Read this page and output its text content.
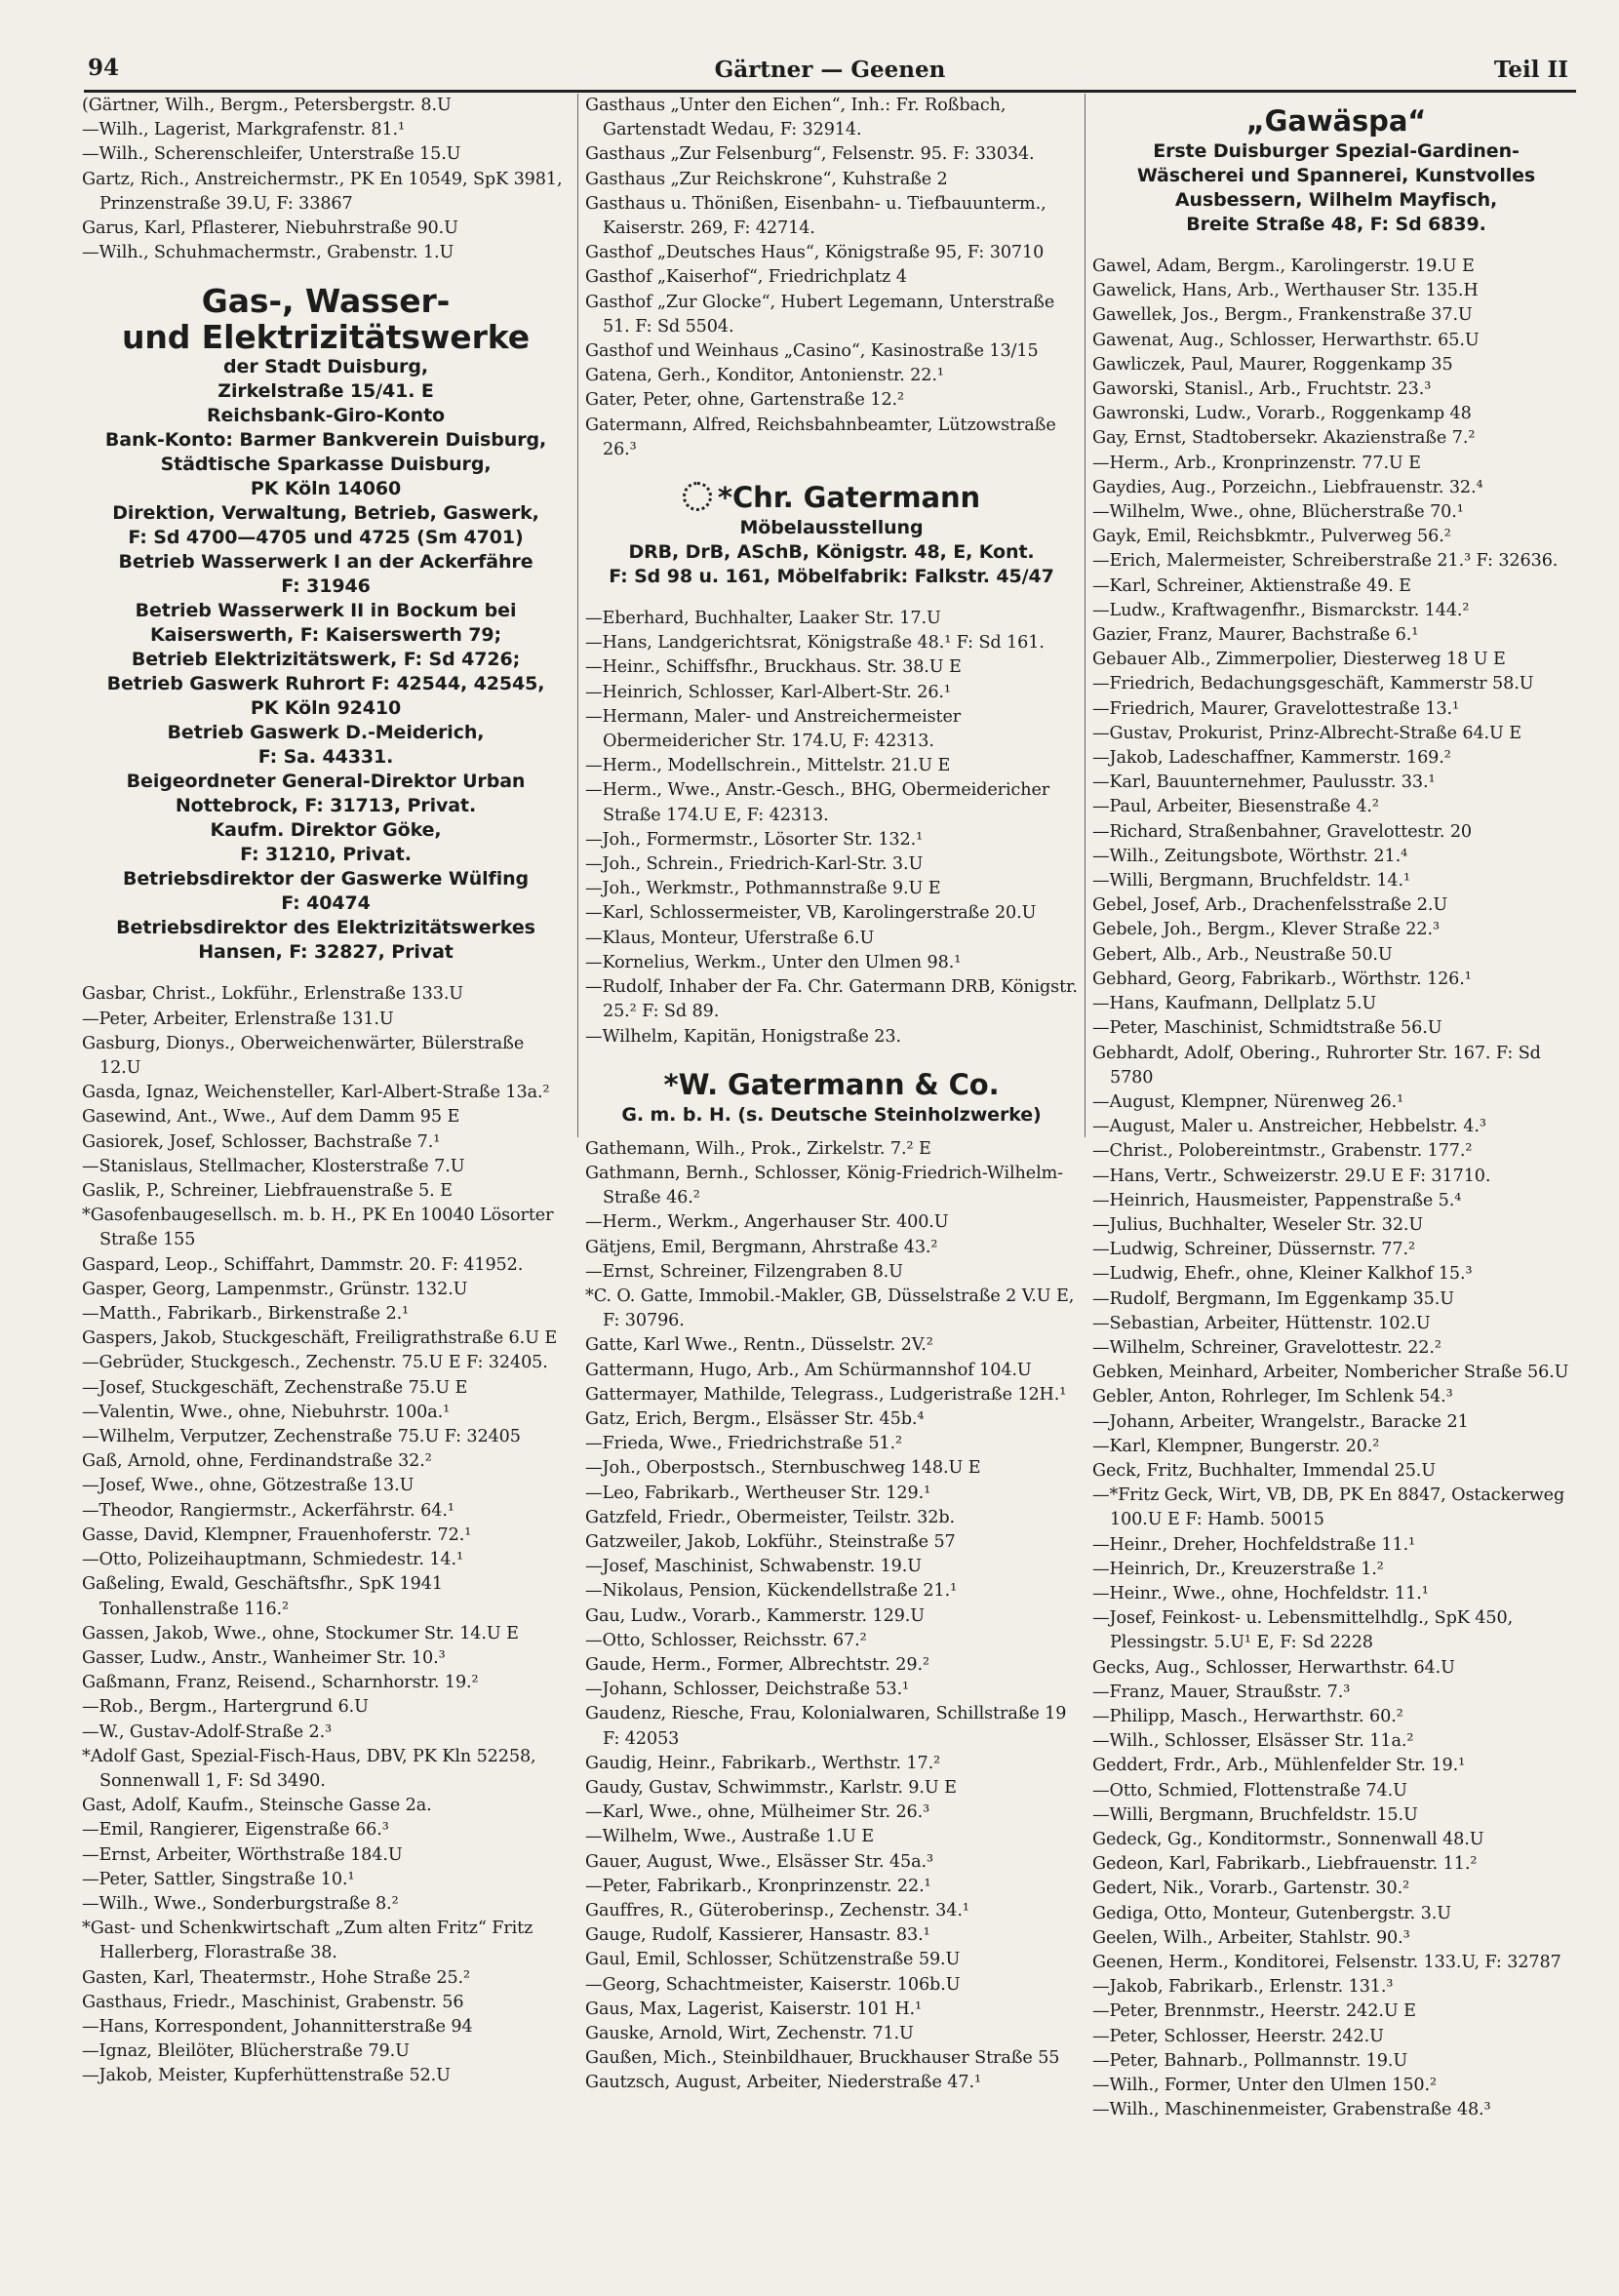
94	Gärtner — Geenen	Teil II

(Gärtner, Wilh., Bergm., Petersbergstr. 8.U

—Wilh., Lagerist, Markgrafenstr. 81.¹

—Wilh., Scherenschleifer, Unterstraße 15.U

Gartz, Rich., Anstreichermstr., PK En 10549, SpK 3981, Prinzenstraße 39.U, F: 33867

Garus, Karl, Pflasterer, Niebuhrstraße 90.U

—Wilh., Schuhmachermstr., Grabenstr. 1.U

Gas-, Wasser-

und Elektrizitätswerke

der Stadt Duisburg,

Zirkelstraße 15/41. E

Reichsbank-Giro-Konto

Bank-Konto: Barmer Bankverein Duisburg,

Städtische Sparkasse Duisburg,

PK Köln 14060

Direktion, Verwaltung, Betrieb, Gaswerk,

F: Sd 4700—4705 und 4725 (Sm 4701)

Betrieb Wasserwerk I an der Ackerfähre

F: 31946

Betrieb Wasserwerk II in Bockum bei

Kaiserswerth, F: Kaiserswerth 79;

Betrieb Elektrizitätswerk, F: Sd 4726;

Betrieb Gaswerk Ruhrort F: 42544, 42545,

PK Köln 92410

Betrieb Gaswerk D.-Meiderich,

F: Sa. 44331.

Beigeordneter General-Direktor Urban

Nottebrock, F: 31713, Privat.

Kaufm. Direktor Göke,

F: 31210, Privat.

Betriebsdirektor der Gaswerke Wülfing

F: 40474

Betriebsdirektor des Elektrizitätswerkes

Hansen, F: 32827, Privat

Gasbar, Christ., Lokführ., Erlenstraße 133.U

—Peter, Arbeiter, Erlenstraße 131.U

Gasburg, Dionys., Oberweichenwärter, Bülerstraße 12.U

Gasda, Ignaz, Weichensteller, Karl-Albert-Straße 13a.²

Gasewind, Ant., Wwe., Auf dem Damm 95 E

Gasiorek, Josef, Schlosser, Bachstraße 7.¹

—Stanislaus, Stellmacher, Klosterstraße 7.U

Gaslik, P., Schreiner, Liebfrauenstraße 5. E

*Gasofenbaugesellsch. m. b. H., PK En 10040 Lösorter Straße 155

Gaspard, Leop., Schiffahrt, Dammstr. 20. F: 41952.

Gasper, Georg, Lampenmstr., Grünstr. 132.U

—Matth., Fabrikarb., Birkenstraße 2.¹

Gaspers, Jakob, Stuckgeschäft, Freiligrathstraße 6.U E

—Gebrüder, Stuckgesch., Zechenstr. 75.U E F: 32405.

—Josef, Stuckgeschäft, Zechenstraße 75.U E

—Valentin, Wwe., ohne, Niebuhrstr. 100a.¹

—Wilhelm, Verputzer, Zechenstraße 75.U F: 32405

Gaß, Arnold, ohne, Ferdinandstraße 32.²

—Josef, Wwe., ohne, Götzestraße 13.U

—Theodor, Rangiermstr., Ackerfährstr. 64.¹

Gasse, David, Klempner, Frauenhoferstr. 72.¹

—Otto, Polizeihauptmann, Schmiedestr. 14.¹

Gaßeling, Ewald, Geschäftsfhr., SpK 1941 Tonhallenstraße 116.²

Gassen, Jakob, Wwe., ohne, Stockumer Str. 14.U E

Gasser, Ludw., Anstr., Wanheimer Str. 10.³

Gaßmann, Franz, Reisend., Scharnhorstr. 19.²

—Rob., Bergm., Hartergrund 6.U

—W., Gustav-Adolf-Straße 2.³

*Adolf Gast, Spezial-Fisch-Haus, DBV, PK Kln 52258, Sonnenwall 1, F: Sd 3490.

Gast, Adolf, Kaufm., Steinsche Gasse 2a.

—Emil, Rangierer, Eigenstraße 66.³

—Ernst, Arbeiter, Wörthstraße 184.U

—Peter, Sattler, Singstraße 10.¹

—Wilh., Wwe., Sonderburgstraße 8.²

*Gast- und Schenkwirtschaft „Zum alten Fritz“ Fritz Hallerberg, Florastraße 38.

Gasten, Karl, Theatermstr., Hohe Straße 25.²

Gasthaus, Friedr., Maschinist, Grabenstr. 56

—Hans, Korrespondent, Johannitterstraße 94

—Ignaz, Bleilöter, Blücherstraße 79.U

—Jakob, Meister, Kupferhüttenstraße 52.U

Gasthaus „Unter den Eichen“, Inh.: Fr. Roßbach, Gartenstadt Wedau, F: 32914.

Gasthaus „Zur Felsenburg“, Felsenstr. 95. F: 33034.

Gasthaus „Zur Reichskrone“, Kuhstraße 2

Gasthaus u. Thönißen, Eisenbahn- u. Tiefbauunterm., Kaiserstr. 269, F: 42714.

Gasthof „Deutsches Haus“, Königstraße 95, F: 30710

Gasthof „Kaiserhof“, Friedrichplatz 4

Gasthof „Zur Glocke“, Hubert Legemann, Unterstraße 51. F: Sd 5504.

Gasthof und Weinhaus „Casino“, Kasinostraße 13/15

Gatena, Gerh., Konditor, Antonienstr. 22.¹

Gater, Peter, ohne, Gartenstraße 12.²

Gatermann, Alfred, Reichsbahnbeamter, Lützowstraße 26.³

*Chr. Gatermann

Möbelausstellung

DRB, DrB, ASchB, Königstr. 48, E, Kont.

F: Sd 98 u. 161, Möbelfabrik: Falkstr. 45/47

—Eberhard, Buchhalter, Laaker Str. 17.U

—Hans, Landgerichtsrat, Königstraße 48.¹ F: Sd 161.

—Heinr., Schiffsfhr., Bruckhaus. Str. 38.U E

—Heinrich, Schlosser, Karl-Albert-Str. 26.¹

—Hermann, Maler- und Anstreichermeister Obermeidericher Str. 174.U, F: 42313.

—Herm., Modellschrein., Mittelstr. 21.U E

—Herm., Wwe., Anstr.-Gesch., BHG, Obermeidericher Straße 174.U E, F: 42313.

—Joh., Formermstr., Lösorter Str. 132.¹

—Joh., Schrein., Friedrich-Karl-Str. 3.U

—Joh., Werkmstr., Pothmannstraße 9.U E

—Karl, Schlossermeister, VB, Karolingerstraße 20.U

—Klaus, Monteur, Uferstraße 6.U

—Kornelius, Werkm., Unter den Ulmen 98.¹

—Rudolf, Inhaber der Fa. Chr. Gatermann DRB, Königstr. 25.² F: Sd 89.

—Wilhelm, Kapitän, Honigstraße 23.

*W. Gatermann & Co.

G. m. b. H. (s. Deutsche Steinholzwerke)

Gathemann, Wilh., Prok., Zirkelstr. 7.² E

Gathmann, Bernh., Schlosser, König-Friedrich-Wilhelm-Straße 46.²

—Herm., Werkm., Angerhauser Str. 400.U

Gätjens, Emil, Bergmann, Ahrstraße 43.²

—Ernst, Schreiner, Filzengraben 8.U

*C. O. Gatte, Immobil.-Makler, GB, Düsselstraße 2 V.U E, F: 30796.

Gatte, Karl Wwe., Rentn., Düsselstr. 2V.²

Gattermann, Hugo, Arb., Am Schürmannshof 104.U

Gattermayer, Mathilde, Telegrass., Ludgeristraße 12H.¹

Gatz, Erich, Bergm., Elsässer Str. 45b.⁴

—Frieda, Wwe., Friedrichstraße 51.²

—Joh., Oberpostsch., Sternbuschweg 148.U E

—Leo, Fabrikarb., Wertheuser Str. 129.¹

Gatzfeld, Friedr., Obermeister, Teilstr. 32b.

Gatzweiler, Jakob, Lokführ., Steinstraße 57

—Josef, Maschinist, Schwabenstr. 19.U

—Nikolaus, Pension, Kückendellstraße 21.¹

Gau, Ludw., Vorarb., Kammerstr. 129.U

—Otto, Schlosser, Reichsstr. 67.²

Gaude, Herm., Former, Albrechtstr. 29.²

—Johann, Schlosser, Deichstraße 53.¹

Gaudenz, Riesche, Frau, Kolonialwaren, Schillstraße 19 F: 42053

Gaudig, Heinr., Fabrikarb., Werthstr. 17.²

Gaudy, Gustav, Schwimmstr., Karlstr. 9.U E

—Karl, Wwe., ohne, Mülheimer Str. 26.³

—Wilhelm, Wwe., Austraße 1.U E

Gauer, August, Wwe., Elsässer Str. 45a.³

—Peter, Fabrikarb., Kronprinzenstr. 22.¹

Gauffres, R., Güteroberinsp., Zechenstr. 34.¹

Gauge, Rudolf, Kassierer, Hansastr. 83.¹

Gaul, Emil, Schlosser, Schützenstraße 59.U

—Georg, Schachtmeister, Kaiserstr. 106b.U

Gaus, Max, Lagerist, Kaiserstr. 101 H.¹

Gauske, Arnold, Wirt, Zechenstr. 71.U

Gaußen, Mich., Steinbildhauer, Bruckhauser Straße 55

Gautzsch, August, Arbeiter, Niederstraße 47.¹

„Gawäspa“

Erste Duisburger Spezial-Gardinen-

Wäscherei und Spannerei, Kunstvolles

Ausbessern, Wilhelm Mayfisch,

Breite Straße 48, F: Sd 6839.

Gawel, Adam, Bergm., Karolingerstr. 19.U E

Gawelick, Hans, Arb., Werthauser Str. 135.H

Gawellek, Jos., Bergm., Frankenstraße 37.U

Gawenat, Aug., Schlosser, Herwarthstr. 65.U

Gawliczek, Paul, Maurer, Roggenkamp 35

Gaworski, Stanisl., Arb., Fruchtstr. 23.³

Gawronski, Ludw., Vorarb., Roggenkamp 48

Gay, Ernst, Stadtobersekr. Akazienstraße 7.²

—Herm., Arb., Kronprinzenstr. 77.U E

Gaydies, Aug., Porzeichn., Liebfrauenstr. 32.⁴

—Wilhelm, Wwe., ohne, Blücherstraße 70.¹

Gayk, Emil, Reichsbkmtr., Pulverweg 56.²

—Erich, Malermeister, Schreiberstraße 21.³ F: 32636.

—Karl, Schreiner, Aktienstraße 49. E

—Ludw., Kraftwagenfhr., Bismarckstr. 144.²

Gazier, Franz, Maurer, Bachstraße 6.¹

Gebauer Alb., Zimmerpolier, Diesterweg 18 U E

—Friedrich, Bedachungsgeschäft, Kammerstr 58.U

—Friedrich, Maurer, Gravelottestraße 13.¹

—Gustav, Prokurist, Prinz-Albrecht-Straße 64.U E

—Jakob, Ladeschaffner, Kammerstr. 169.²

—Karl, Bauunternehmer, Paulusstr. 33.¹

—Paul, Arbeiter, Biesenstraße 4.²

—Richard, Straßenbahner, Gravelottestr. 20

—Wilh., Zeitungsbote, Wörthstr. 21.⁴

—Willi, Bergmann, Bruchfeldstr. 14.¹

Gebel, Josef, Arb., Drachenfelsstraße 2.U

Gebele, Joh., Bergm., Klever Straße 22.³

Gebert, Alb., Arb., Neustraße 50.U

Gebhard, Georg, Fabrikarb., Wörthstr. 126.¹

—Hans, Kaufmann, Dellplatz 5.U

—Peter, Maschinist, Schmidtstraße 56.U

Gebhardt, Adolf, Obering., Ruhrorter Str. 167. F: Sd 5780

—August, Klempner, Nürenweg 26.¹

—August, Maler u. Anstreicher, Hebbelstr. 4.³

—Christ., Polobereintmstr., Grabenstr. 177.²

—Hans, Vertr., Schweizerstr. 29.U E F: 31710.

—Heinrich, Hausmeister, Pappenstraße 5.⁴

—Julius, Buchhalter, Weseler Str. 32.U

—Ludwig, Schreiner, Düssernstr. 77.²

—Ludwig, Ehefr., ohne, Kleiner Kalkhof 15.³

—Rudolf, Bergmann, Im Eggenkamp 35.U

—Sebastian, Arbeiter, Hüttenstr. 102.U

—Wilhelm, Schreiner, Gravelottestr. 22.²

Gebken, Meinhard, Arbeiter, Nombericher Straße 56.U

Gebler, Anton, Rohrleger, Im Schlenk 54.³

—Johann, Arbeiter, Wrangelstr., Baracke 21

—Karl, Klempner, Bungerstr. 20.²

Geck, Fritz, Buchhalter, Immendal 25.U

—*Fritz Geck, Wirt, VB, DB, PK En 8847, Ostackerweg 100.U E F: Hamb. 50015

—Heinr., Dreher, Hochfeldstraße 11.¹

—Heinrich, Dr., Kreuzerstraße 1.²

—Heinr., Wwe., ohne, Hochfeldstr. 11.¹

—Josef, Feinkost- u. Lebensmittelhdlg., SpK 450, Plessingstr. 5.U¹ E, F: Sd 2228

Gecks, Aug., Schlosser, Herwarthstr. 64.U

—Franz, Mauer, Straußstr. 7.³

—Philipp, Masch., Herwarthstr. 60.²

—Wilh., Schlosser, Elsässer Str. 11a.²

Geddert, Frdr., Arb., Mühlenfelder Str. 19.¹

—Otto, Schmied, Flottenstraße 74.U

—Willi, Bergmann, Bruchfeldstr. 15.U

Gedeck, Gg., Konditormstr., Sonnenwall 48.U

Gedeon, Karl, Fabrikarb., Liebfrauenstr. 11.²

Gedert, Nik., Vorarb., Gartenstr. 30.²

Gediga, Otto, Monteur, Gutenbergstr. 3.U

Geelen, Wilh., Arbeiter, Stahlstr. 90.³

Geenen, Herm., Konditorei, Felsenstr. 133.U, F: 32787

—Jakob, Fabrikarb., Erlenstr. 131.³

—Peter, Brennmstr., Heerstr. 242.U E

—Peter, Schlosser, Heerstr. 242.U

—Peter, Bahnarb., Pollmannstr. 19.U

—Wilh., Former, Unter den Ulmen 150.²

—Wilh., Maschinenmeister, Grabenstraße 48.³
